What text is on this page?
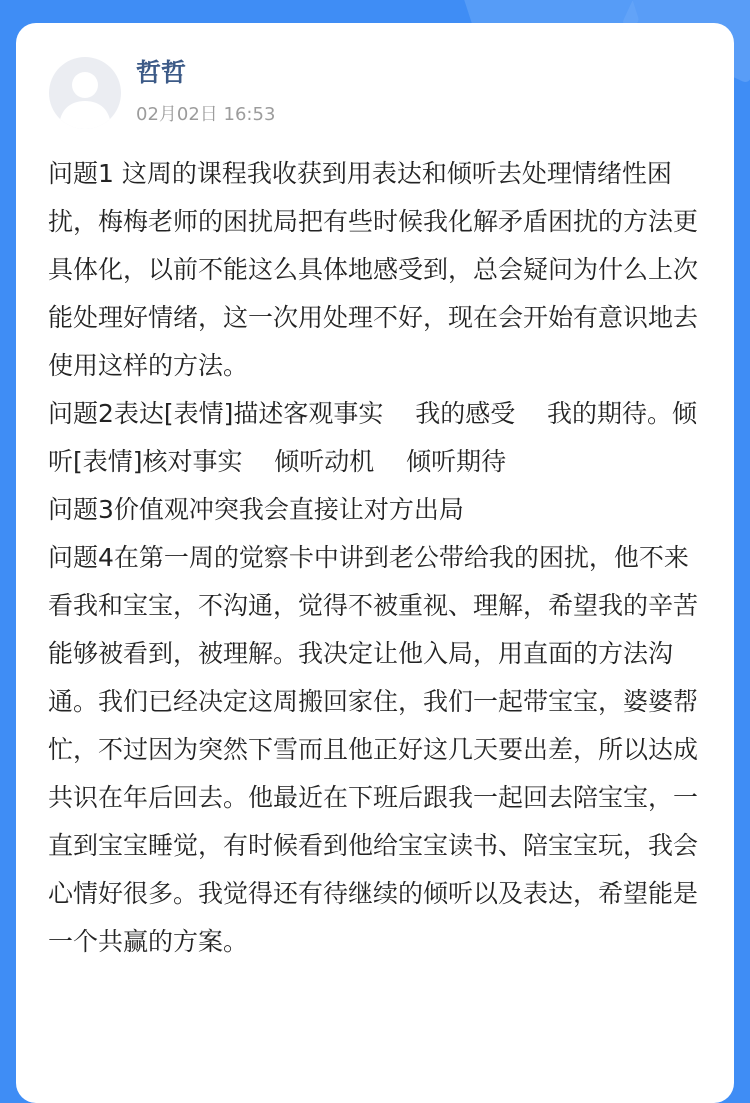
哲哲
02月02日 16:53

问题1 这周的课程我收获到用表达和倾听去处理情绪性困扰，梅梅老师的困扰局把有些时候我化解矛盾困扰的方法更具体化，以前不能这么具体地感受到，总会疑问为什么上次能处理好情绪，这一次用处理不好，现在会开始有意识地去使用这样的方法。

问题2表达[表情]描述客观事实    我的感受    我的期待。倾听[表情]核对事实    倾听动机    倾听期待

问题3价值观冲突我会直接让对方出局

问题4在第一周的觉察卡中讲到老公带给我的困扰，他不来看我和宝宝，不沟通，觉得不被重视、理解，希望我的辛苦能够被看到，被理解。我决定让他入局，用直面的方法沟通。我们已经决定这周搬回家住，我们一起带宝宝，婆婆帮忙，不过因为突然下雪而且他正好这几天要出差，所以达成共识在年后回去。他最近在下班后跟我一起回去陪宝宝，一直到宝宝睡觉，有时候看到他给宝宝读书、陪宝宝玩，我会心情好很多。我觉得还有待继续的倾听以及表达，希望能是一个共赢的方案。
